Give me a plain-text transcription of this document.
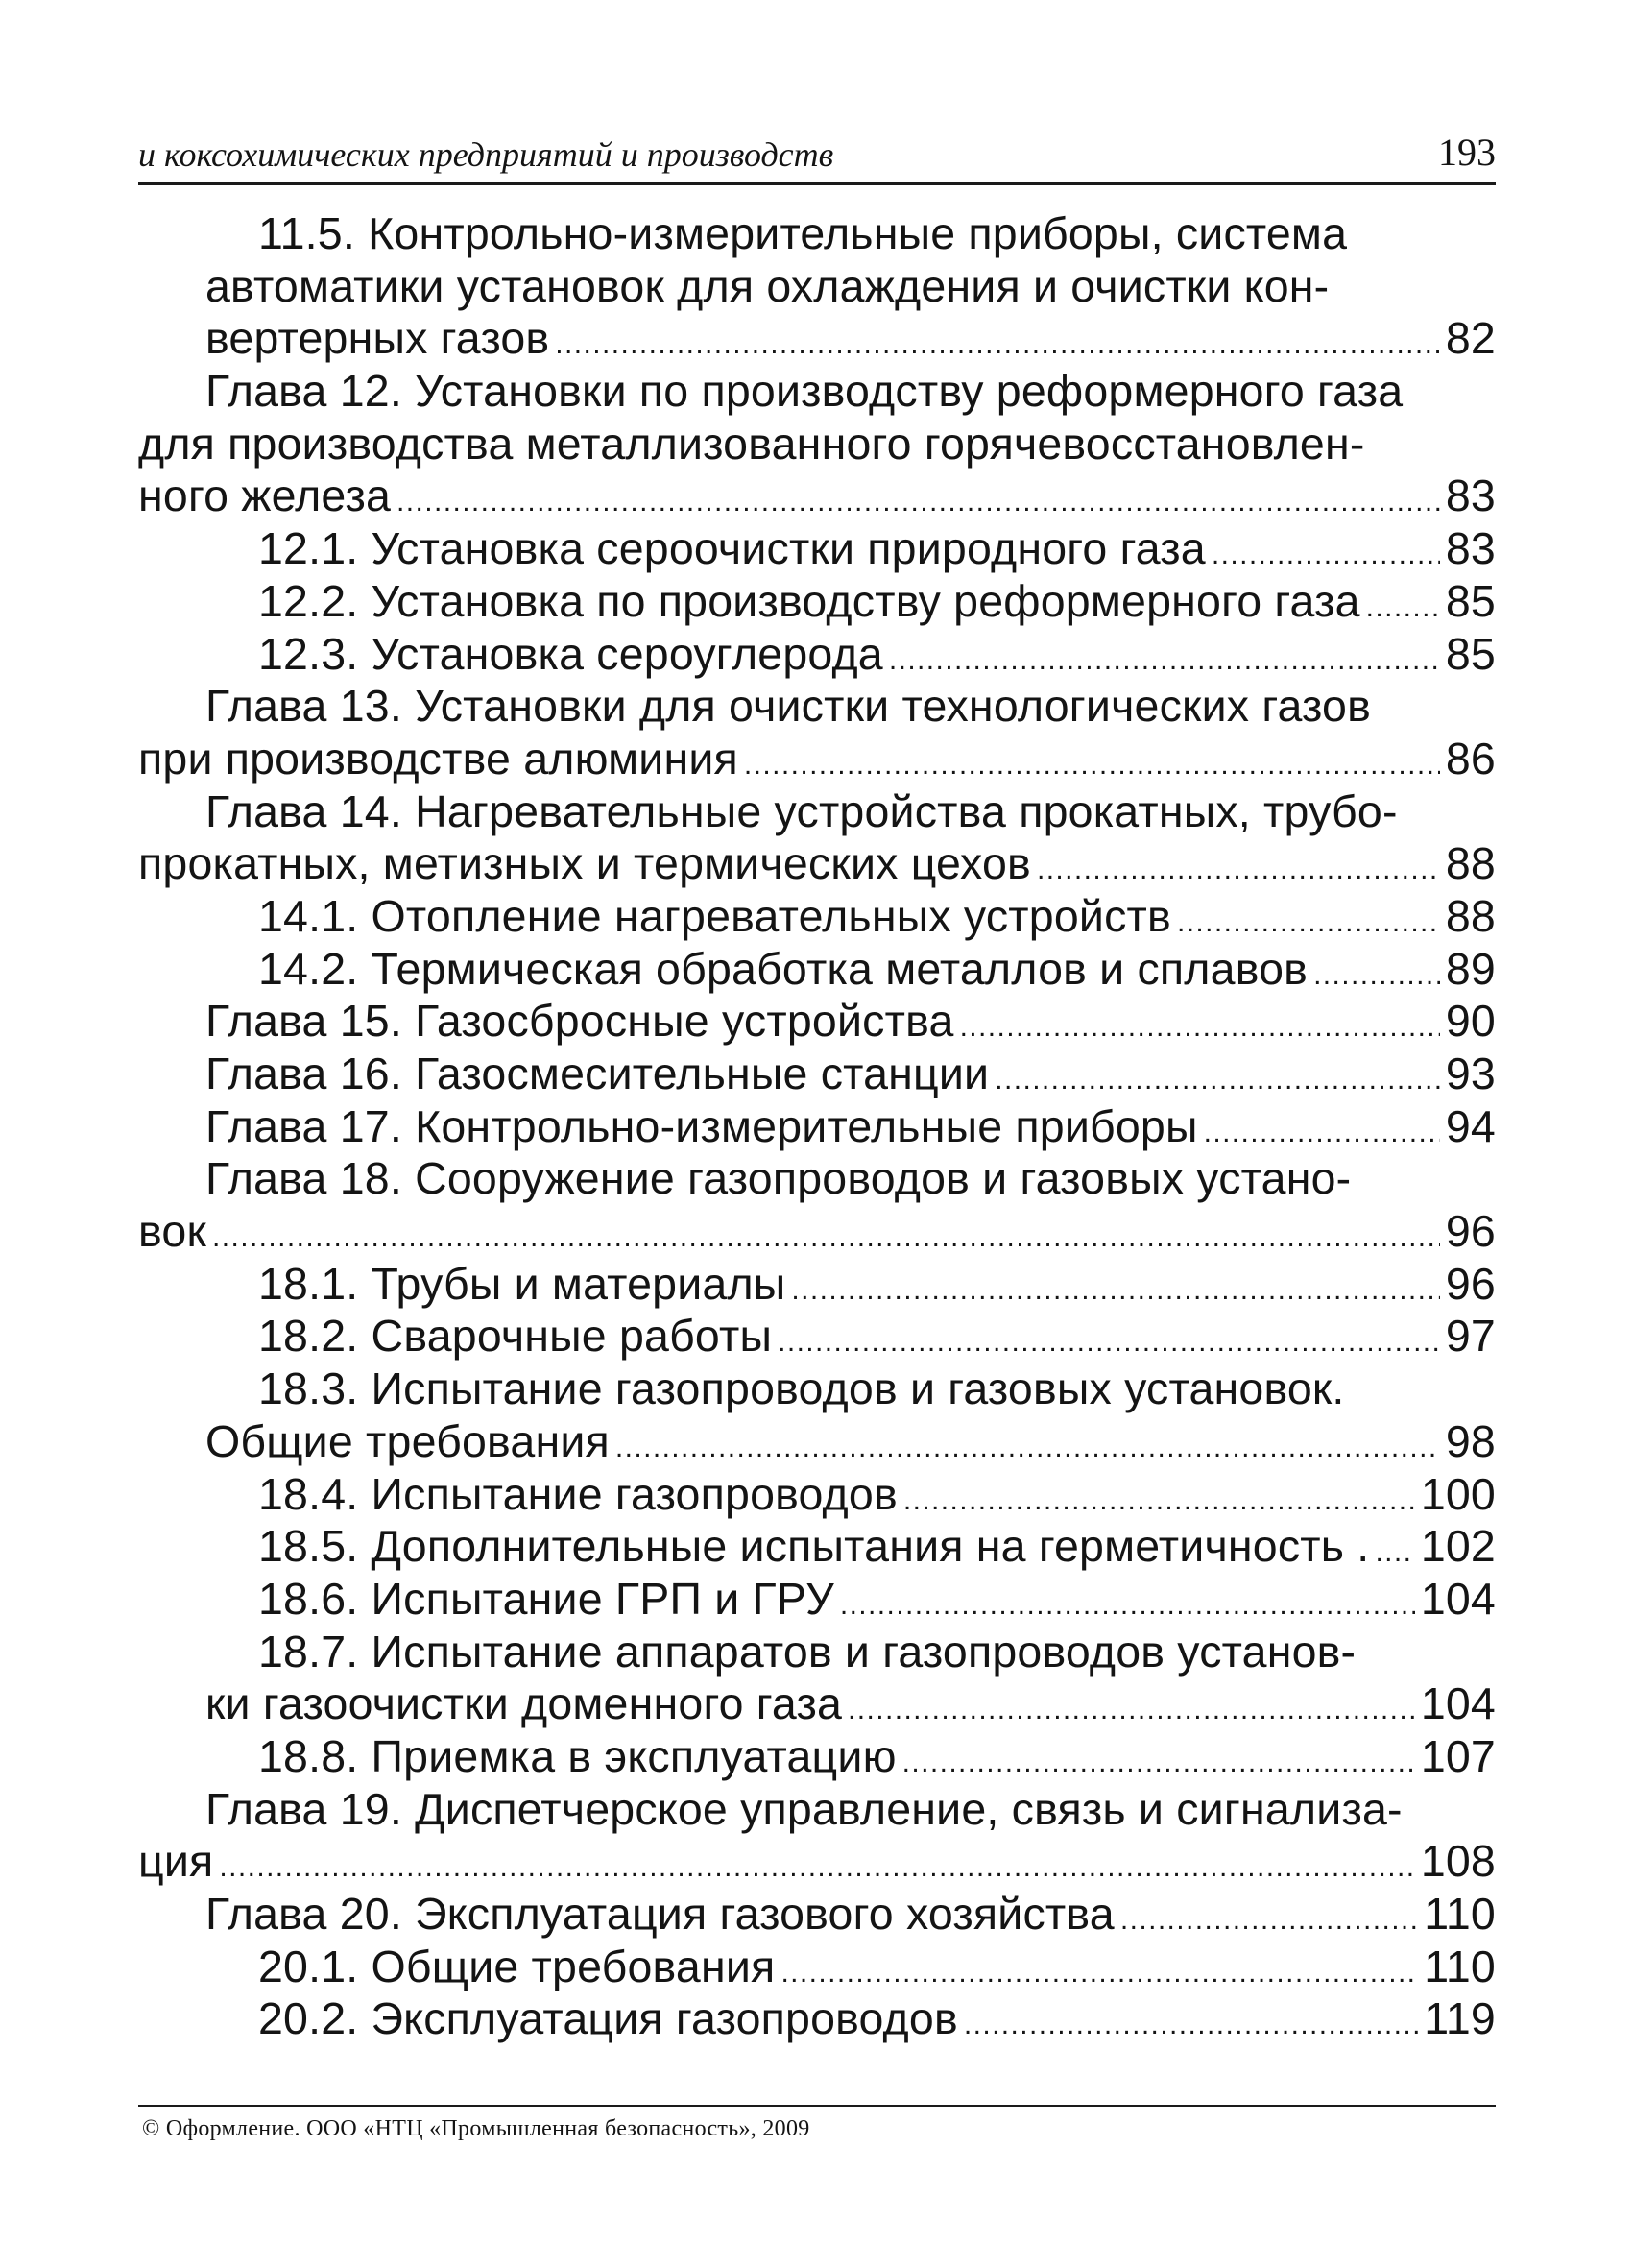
и коксохимических предприятий и производств	193
11.5. Контрольно-измерительные приборы, система
автоматики установок для охлаждения и очистки кон-
вертерных газов .....	82
Глава 12. Установки по производству реформерного газа
для производства металлизованного горячевосстановлен-
ного железа .....	83
12.1. Установка сероочистки природного газа .....	83
12.2. Установка по производству реформерного газа ..... 85
12.3. Установка сероуглерода .....	85
Глава 13. Установки для очистки технологических газов
при производстве алюминия .....	86
Глава 14. Нагревательные устройства прокатных, трубо-
прокатных, метизных и термических цехов .....	88
14.1. Отопление нагревательных устройств .....	88
14.2. Термическая обработка металлов и сплавов .....	89
Глава 15. Газосбросные устройства .....	90
Глава 16. Газосмесительные станции .....	93
Глава 17. Контрольно-измерительные приборы .....	94
Глава 18. Сооружение газопроводов и газовых устано-
вок .....	96
18.1. Трубы и материалы .....	96
18.2. Сварочные работы .....	97
18.3. Испытание газопроводов и газовых установок.
Общие требования .....	98
18.4. Испытание газопроводов .....	100
18.5. Дополнительные испытания на герметичность . ..... 102
18.6. Испытание ГРП и ГРУ .....	104
18.7. Испытание аппаратов и газопроводов установ-
ки газоочистки доменного газа .....	104
18.8. Приемка в эксплуатацию .....	107
Глава 19. Диспетчерское управление, связь и сигнализа-
ция .....	108
Глава 20. Эксплуатация газового хозяйства .....	110
20.1. Общие требования .....	110
20.2. Эксплуатация газопроводов .....	119
© Оформление. ООО «НТЦ «Промышленная безопасность», 2009
